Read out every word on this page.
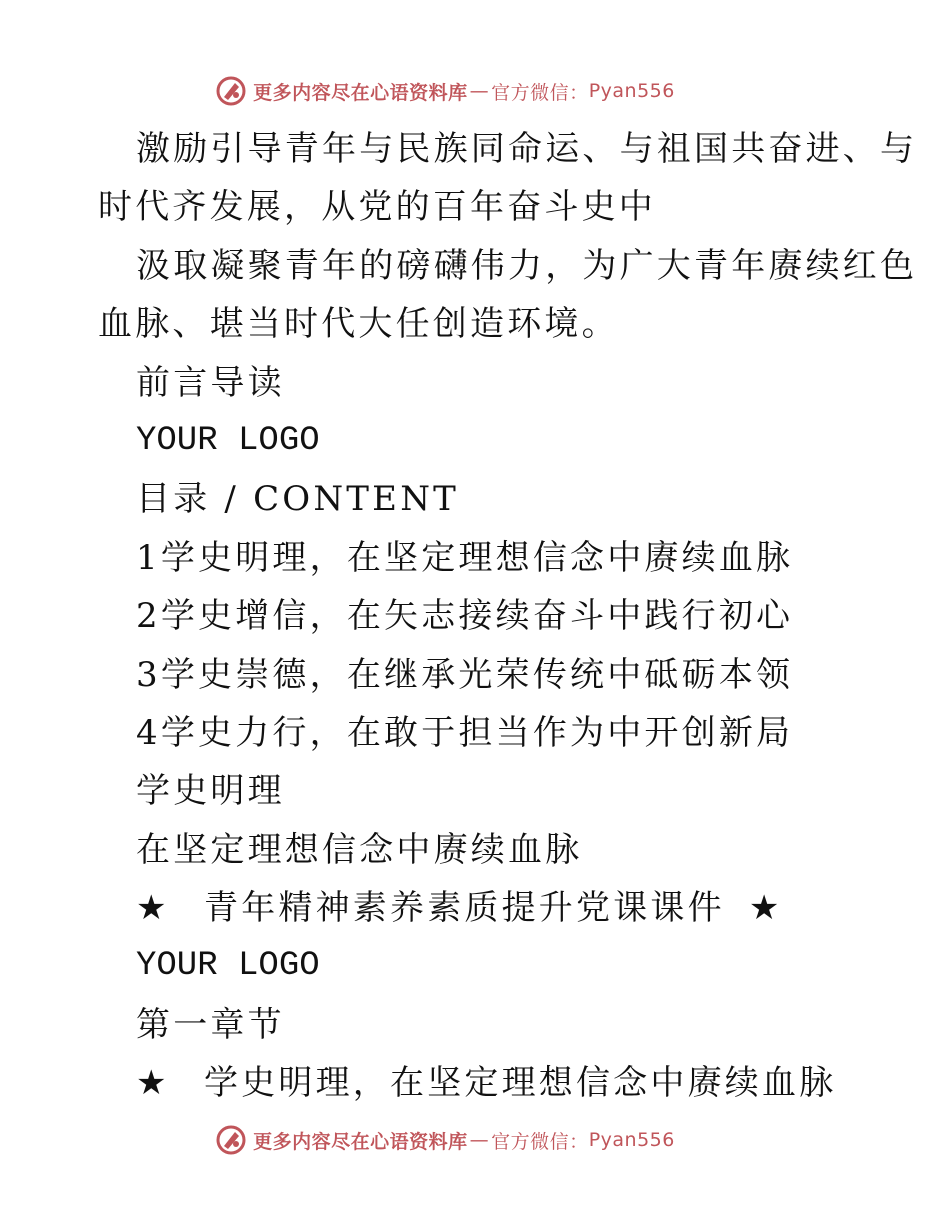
更多内容尽在心语资料库 — 官方微信： Pyan556
激励引导青年与民族同命运、与祖国共奋进、与
时代齐发展，从党的百年奋斗史中
汲取凝聚青年的磅礴伟力，为广大青年赓续红色
血脉、堪当时代大任创造环境。
前言导读
YOUR LOGO
目录 / CONTENT
1学史明理，在坚定理想信念中赓续血脉
2学史增信，在矢志接续奋斗中践行初心
3学史崇德，在继承光荣传统中砥砺本领
4学史力行，在敢于担当作为中开创新局
学史明理
在坚定理想信念中赓续血脉
★ 青年精神素养素质提升党课课件 ★
YOUR LOGO
第一章节
★ 学史明理，在坚定理想信念中赓续血脉
更多内容尽在心语资料库 — 官方微信： Pyan556
